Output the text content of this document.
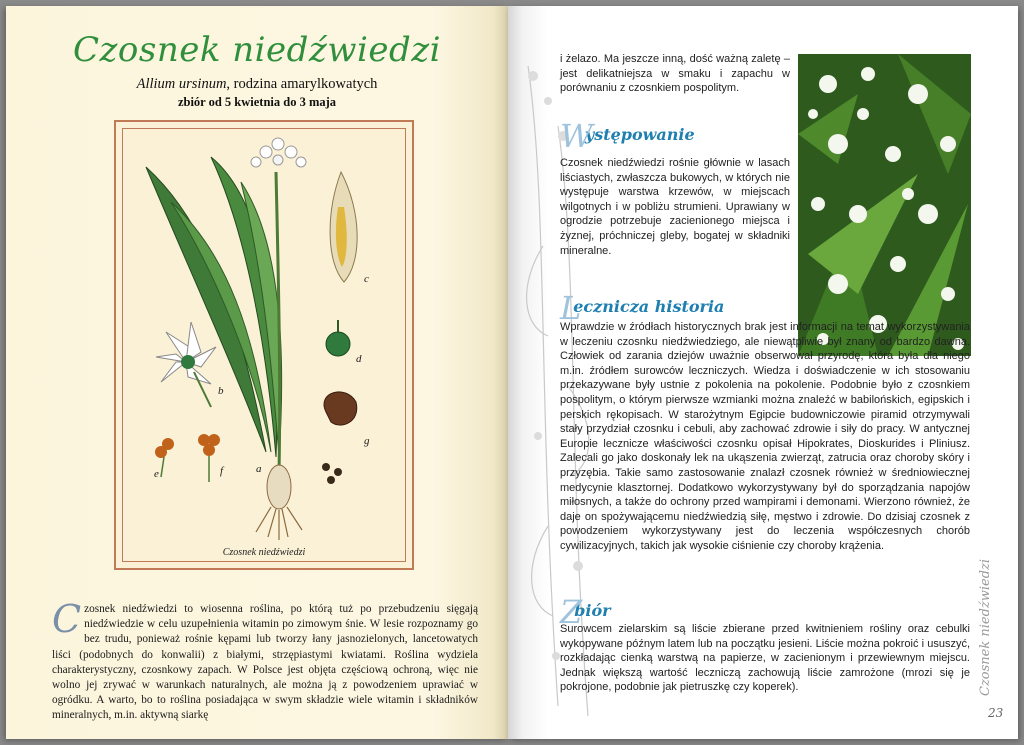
Czosnek niedźwiedzi
Allium ursinum, rodzina amarylkowatych
zbiór od 5 kwietnia do 3 maja
c
d
b
g
e	f	a
Czosnek niedźwiedzi
Czosnek niedźwiedzi to wiosenna roślina, po którą tuż po przebudzeniu sięgają niedźwiedzie w celu uzupełnienia witamin po zimowym śnie. W lesie rozpoznamy go bez trudu, ponieważ rośnie kępami lub tworzy łany jasnozielonych, lancetowatych liści (podobnych do konwalii) z białymi, strzępiastymi kwiatami. Roślina wydziela charakterystyczny, czosnkowy zapach. W Polsce jest objęta częściową ochroną, więc nie wolno jej zrywać w warunkach naturalnych, ale można ją z powodzeniem uprawiać w ogródku. A warto, bo to roślina posiadająca w swym składzie wiele witamin i składników mineralnych, m.in. aktywną siarkę
i żelazo. Ma jeszcze inną, dość ważną zaletę – jest delikatniejsza w smaku i zapachu w porównaniu z czosnkiem pospolitym.
Występowanie
Czosnek niedźwiedzi rośnie głównie w lasach liściastych, zwłaszcza bukowych, w których nie występuje warstwa krzewów, w miejscach wilgotnych i w pobliżu strumieni. Uprawiany w ogrodzie potrzebuje zacienionego miejsca i żyznej, próchniczej gleby, bogatej w składniki mineralne.
Lecznicza historia
Wprawdzie w źródłach historycznych brak jest informacji na temat wykorzystywania w leczeniu czosnku niedźwiedziego, ale niewątpliwie był znany od bardzo dawna. Człowiek od zarania dziejów uważnie obserwował przyrodę, która była dla niego m.in. źródłem surowców leczniczych. Wiedza i doświadczenie w ich stosowaniu przekazywane były ustnie z pokolenia na pokolenie. Podobnie było z czosnkiem pospolitym, o którym pierwsze wzmianki można znaleźć w babilońskich, egipskich i perskich rękopisach. W starożytnym Egipcie budowniczowie piramid otrzymywali stały przydział czosnku i cebuli, aby zachować zdrowie i siły do pracy. W antycznej Europie lecznicze właściwości czosnku opisał Hipokrates, Dioskurides i Pliniusz. Zalecali go jako doskonały lek na ukąszenia zwierząt, zatrucia oraz choroby skóry i przyzębia. Takie samo zastosowanie znalazł czosnek również w średniowiecznej medycynie klasztornej. Dodatkowo wykorzystywany był do sporządzania napojów miłosnych, a także do ochrony przed wampirami i demonami. Wierzono również, że daje on spożywającemu niedźwiedzią siłę, męstwo i zdrowie. Do dzisiaj czosnek z powodzeniem wykorzystywany jest do leczenia współczesnych chorób cywilizacyjnych, takich jak wysokie ciśnienie czy choroby krążenia.
Zbiór
Surowcem zielarskim są liście zbierane przed kwitnieniem rośliny oraz cebulki wykopywane późnym latem lub na początku jesieni. Liście można pokroić i ususzyć, rozkładając cienką warstwą na papierze, w zacienionym i przewiewnym miejscu. Jednak większą wartość leczniczą zachowują liście zamrożone (mrozi się je pokrojone, podobnie jak pietruszkę czy koperek).	Czosnek niedźwiedzi
23
